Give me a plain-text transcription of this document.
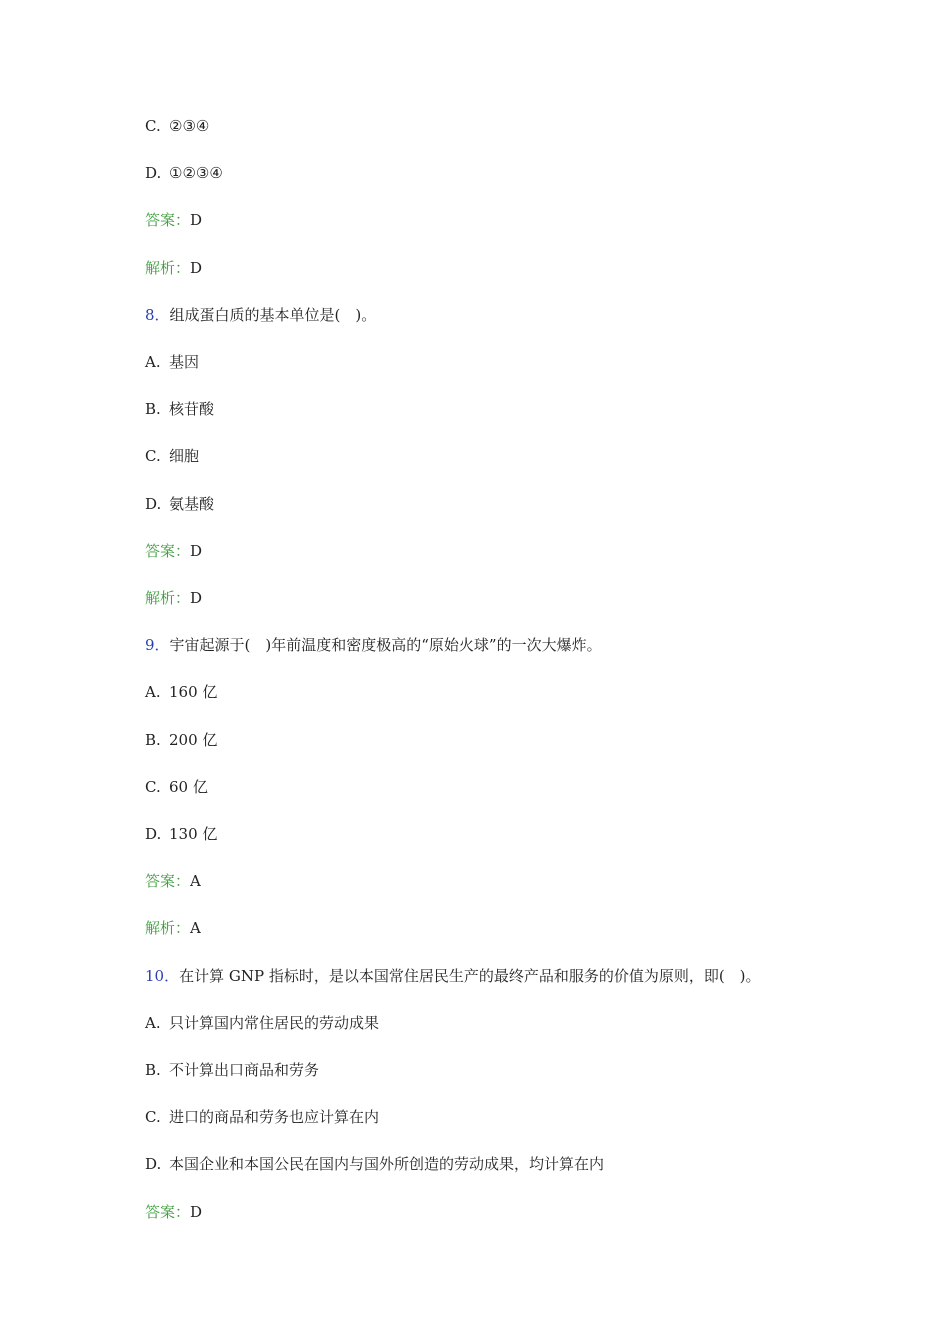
C. ②③④
D. ①②③④
答案：D
解析：D
8．组成蛋白质的基本单位是(　)。
A. 基因
B. 核苷酸
C. 细胞
D. 氨基酸
答案：D
解析：D
9．宇宙起源于(　)年前温度和密度极高的“原始火球”的一次大爆炸。
A. 160 亿
B. 200 亿
C. 60 亿
D. 130 亿
答案：A
解析：A
10．在计算 GNP 指标时，是以本国常住居民生产的最终产品和服务的价值为原则，即(　)。
A. 只计算国内常住居民的劳动成果
B. 不计算出口商品和劳务
C. 进口的商品和劳务也应计算在内
D. 本国企业和本国公民在国内与国外所创造的劳动成果，均计算在内
答案：D
